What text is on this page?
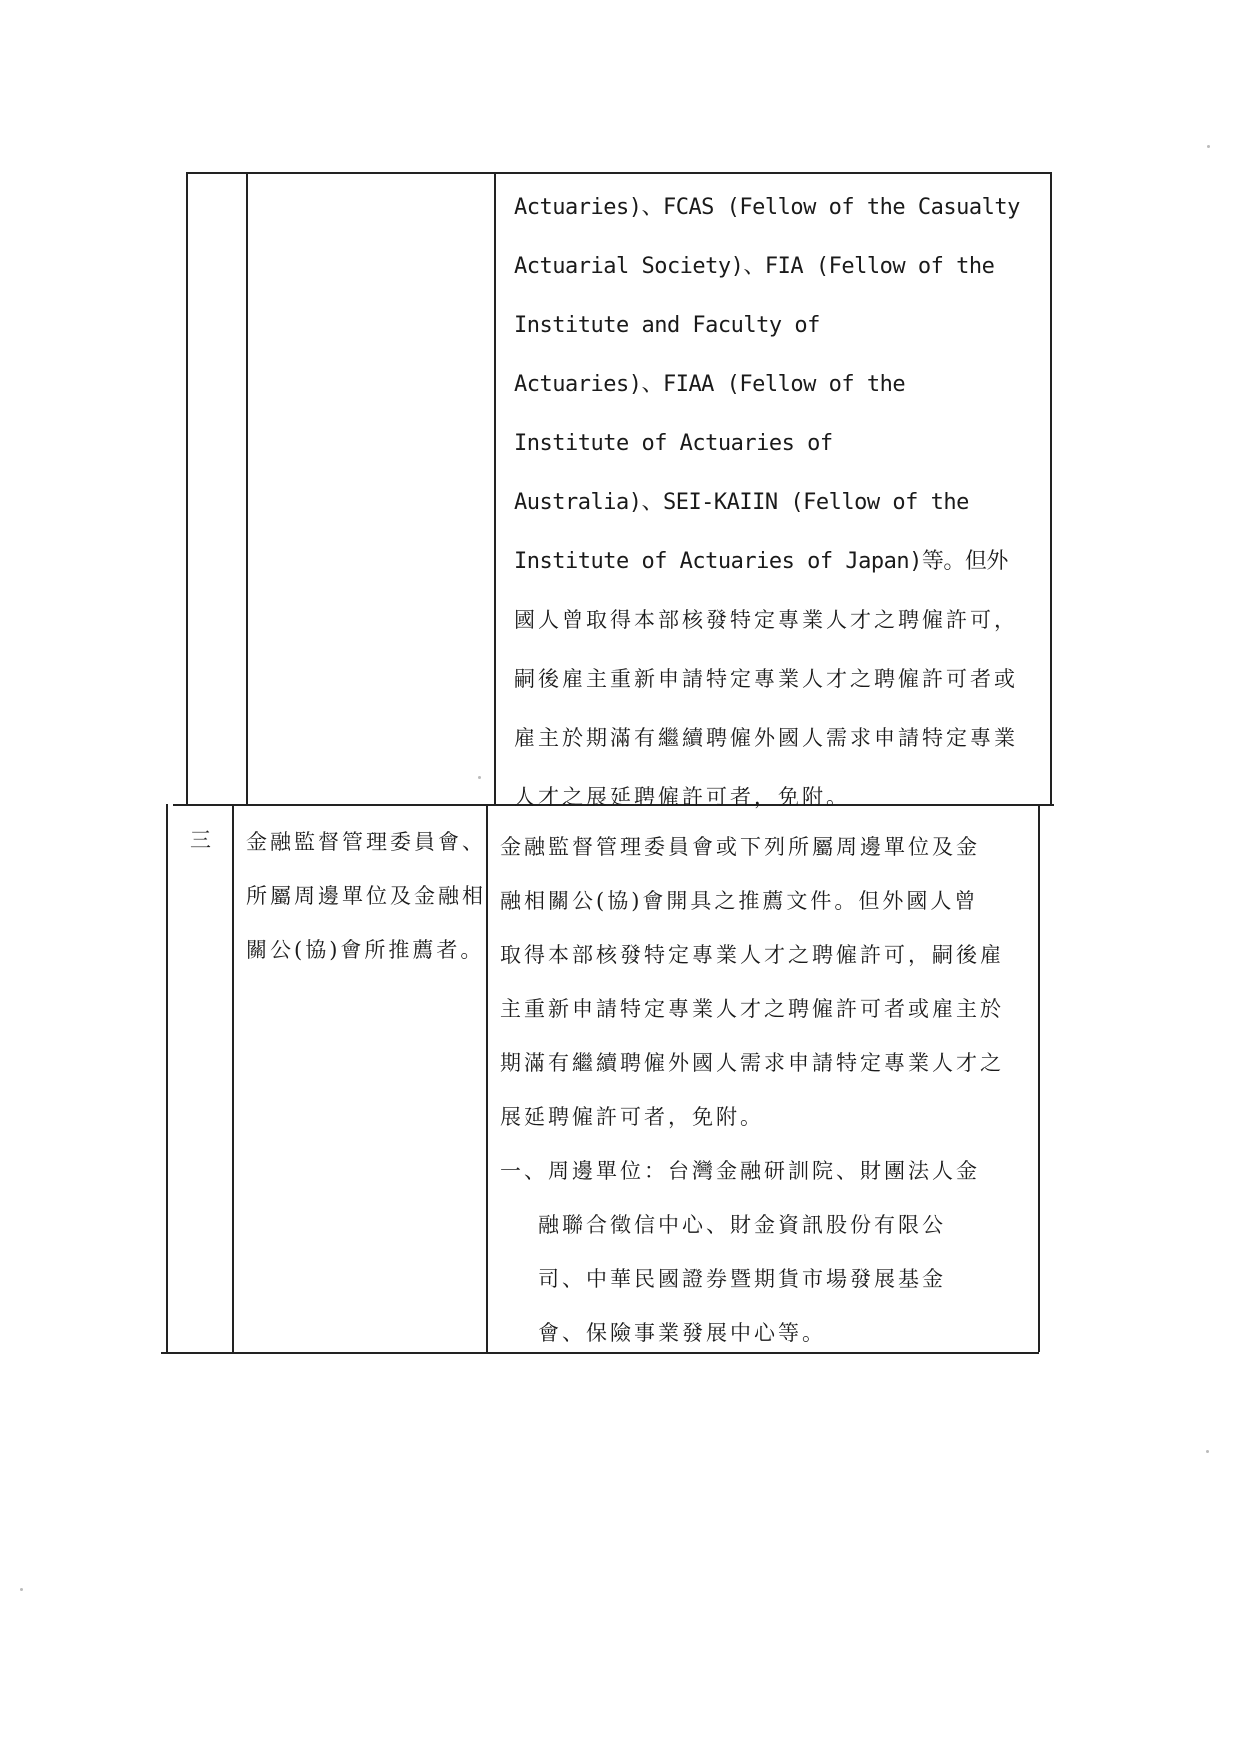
Actuaries)、FCAS (Fellow of the Casualty
Actuarial Society)、FIA (Fellow of the
Institute and Faculty of
Actuaries)、FIAA (Fellow of the
Institute of Actuaries of
Australia)、SEI-KAIIN (Fellow of the
Institute of Actuaries of Japan)等。但外
國人曾取得本部核發特定專業人才之聘僱許可，
嗣後雇主重新申請特定專業人才之聘僱許可者或
雇主於期滿有繼續聘僱外國人需求申請特定專業
人才之展延聘僱許可者，免附。
三 金融監督管理委員會、
所屬周邊單位及金融相
關公(協)會所推薦者。
金融監督管理委員會或下列所屬周邊單位及金
融相關公(協)會開具之推薦文件。但外國人曾
取得本部核發特定專業人才之聘僱許可，嗣後雇
主重新申請特定專業人才之聘僱許可者或雇主於
期滿有繼續聘僱外國人需求申請特定專業人才之
展延聘僱許可者，免附。
一、周邊單位：台灣金融研訓院、財團法人金
融聯合徵信中心、財金資訊股份有限公
司、中華民國證券暨期貨市場發展基金
會、保險事業發展中心等。
